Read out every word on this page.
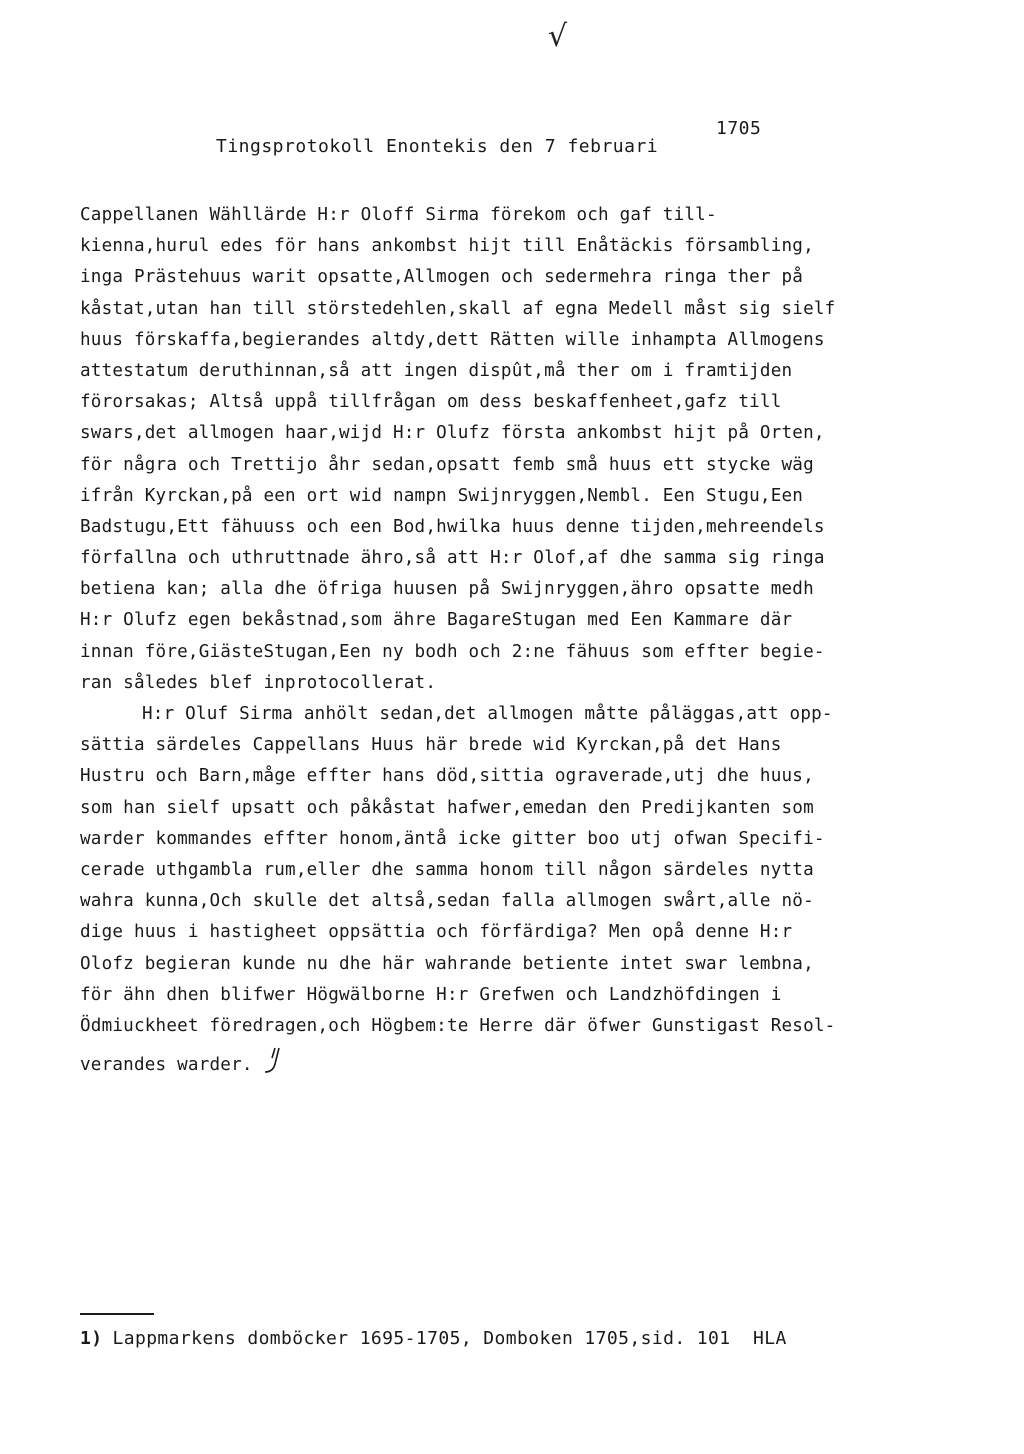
√
1705
Tingsprotokoll Enontekis den 7 februari
Cappellanen Wähllärde H:r Oloff Sirma förekom och gaf till-
kienna,hurul edes för hans ankombst hijt till Enåtäckis försambling,
inga Prästehuus warit opsatte,Allmogen och sedermehra ringa ther på
kåstat,utan han till störstedehlen,skall af egna Medell måst sig sielf
huus förskaffa,begierandes altdy,dett Rätten wille inhampta Allmogens
attestatum deruthinnan,så att ingen dispût,må ther om i framtijden
förorsakas; Altså uppå tillfrågan om dess beskaffenheet,gafz till
swars,det allmogen haar,wijd H:r Olufz första ankombst hijt på Orten,
för några och Trettijo åhr sedan,opsatt femb små huus ett stycke wäg
ifrån Kyrckan,på een ort wid nampn Swijnryggen,Nembl. Een Stugu,Een
Badstugu,Ett fähuuss och een Bod,hwilka huus denne tijden,mehreendels
förfallna och uthruttnade ähro,så att H:r Olof,af dhe samma sig ringa
betiena kan; alla dhe öfriga huusen på Swijnryggen,ähro opsatte medh
H:r Olufz egen bekåstnad,som ähre BagareStugan med Een Kammare där
innan före,GiästeStugan,Een ny bodh och 2:ne fähuus som effter begie-
ran således blef inprotocollerat.
H:r Oluf Sirma anhölt sedan,det allmogen måtte påläggas,att opp-
sättia särdeles Cappellans Huus här brede wid Kyrckan,på det Hans
Hustru och Barn,måge effter hans död,sittia ograverade,utj dhe huus,
som han sielf upsatt och påkåstat hafwer,emedan den Predijkanten som
warder kommandes effter honom,äntå icke gitter boo utj ofwan Specifi-
cerade uthgambla rum,eller dhe samma honom till någon särdeles nytta
wahra kunna,Och skulle det altså,sedan falla allmogen swårt,alle nö-
dige huus i hastigheet oppsättia och förfärdiga? Men opå denne H:r
Olofz begieran kunde nu dhe här wahrande betiente intet swar lembna,
för ähn dhen blifwer Högwälborne H:r Grefwen och Landzhöfdingen i
Ödmiuckheet föredragen,och Högbem:te Herre där öfwer Gunstigast Resol-
verandes warder.
1) Lappmarkens domböcker 1695-1705, Domboken 1705,sid. 101  HLA
